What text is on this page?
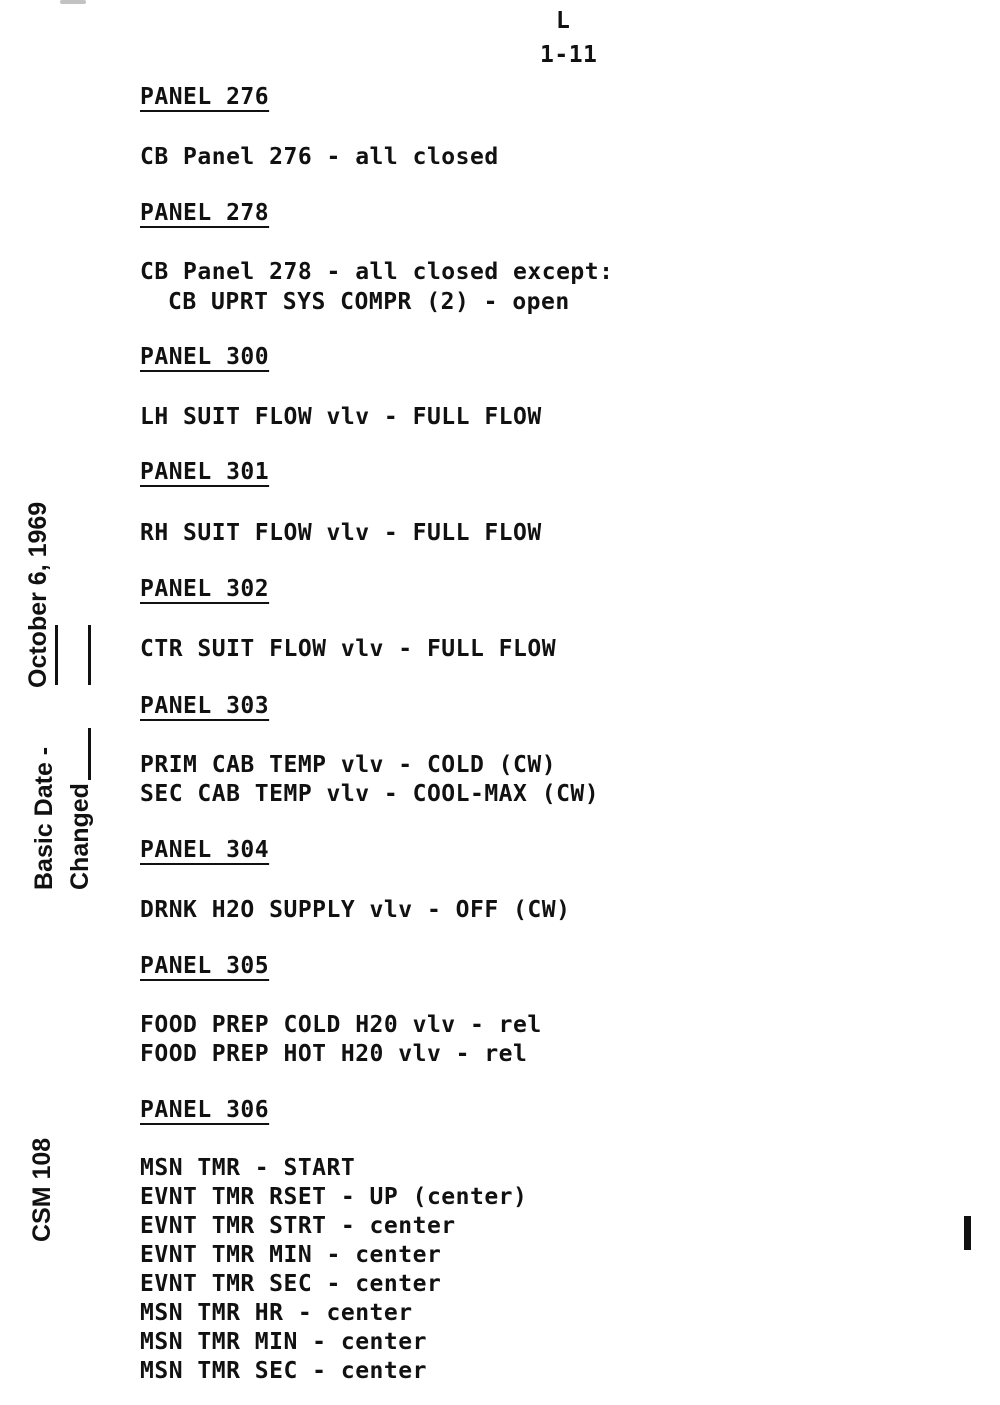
L
1-11
October 6, 1969
Basic Date - Changed
CSM 108
PANEL 276
CB Panel 276 - all closed
PANEL 278
CB Panel 278 - all closed except:
CB UPRT SYS COMPR (2) - open
PANEL 300
LH SUIT FLOW vlv - FULL FLOW
PANEL 301
RH SUIT FLOW vlv - FULL FLOW
PANEL 302
CTR SUIT FLOW vlv - FULL FLOW
PANEL 303
PRIM CAB TEMP vlv - COLD (CW)
SEC CAB TEMP vlv - COOL-MAX (CW)
PANEL 304
DRNK H2O SUPPLY vlv - OFF (CW)
PANEL 305
FOOD PREP COLD H20 vlv - rel
FOOD PREP HOT H20 vlv - rel
PANEL 306
MSN TMR - START
EVNT TMR RSET - UP (center)
EVNT TMR STRT - center
EVNT TMR MIN - center
EVNT TMR SEC - center
MSN TMR HR - center
MSN TMR MIN - center
MSN TMR SEC - center
